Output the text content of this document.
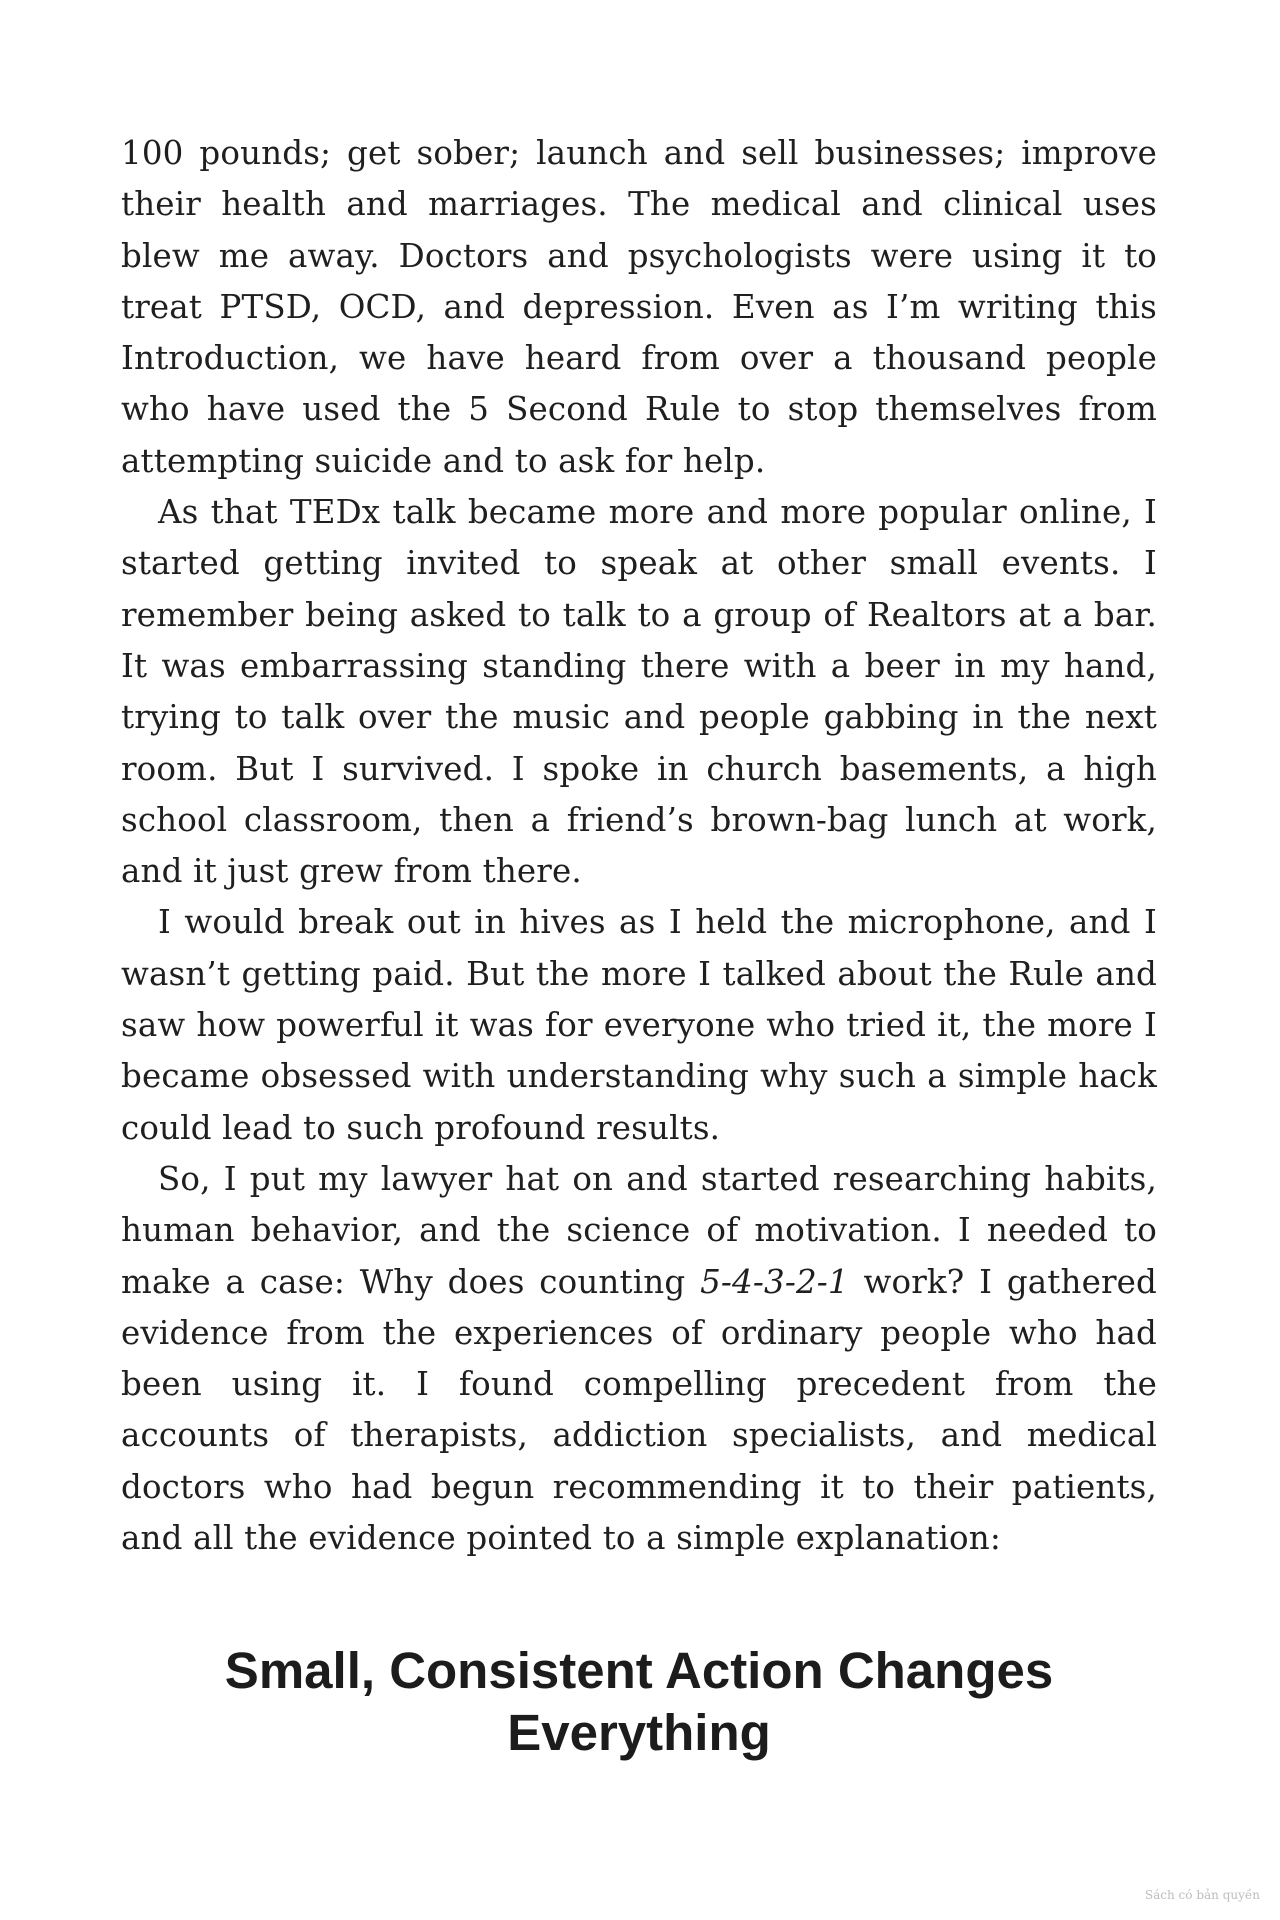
100 pounds; get sober; launch and sell businesses; improve their health and marriages. The medical and clinical uses blew me away. Doctors and psychologists were using it to treat PTSD, OCD, and depression. Even as I’m writing this Introduction, we have heard from over a thousand people who have used the 5 Second Rule to stop themselves from attempting suicide and to ask for help.

As that TEDx talk became more and more popular online, I started getting invited to speak at other small events. I remember being asked to talk to a group of Realtors at a bar. It was embarrassing standing there with a beer in my hand, trying to talk over the music and people gabbing in the next room. But I survived. I spoke in church basements, a high school classroom, then a friend’s brown-bag lunch at work, and it just grew from there.

I would break out in hives as I held the microphone, and I wasn’t getting paid. But the more I talked about the Rule and saw how powerful it was for everyone who tried it, the more I became obsessed with understanding why such a simple hack could lead to such profound results.

So, I put my lawyer hat on and started researching habits, human behavior, and the science of motivation. I needed to make a case: Why does counting 5-4-3-2-1 work? I gathered evidence from the experiences of ordinary people who had been using it. I found compelling precedent from the accounts of therapists, addiction specialists, and medical doctors who had begun recommending it to their patients, and all the evidence pointed to a simple explanation:

Small, Consistent Action Changes
Everything
Sách có bản quyền
